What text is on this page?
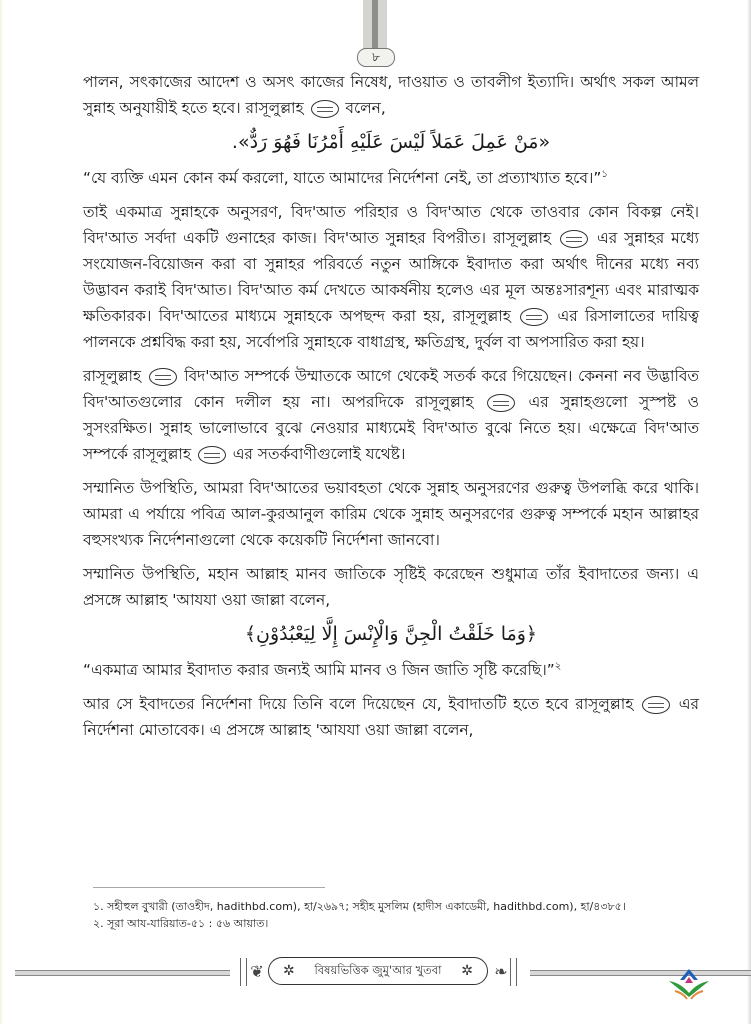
৮

পালন, সৎকাজের আদেশ ও অসৎ কাজের নিষেধ, দাওয়াত ও তাবলীগ ইত্যাদি। অর্থাৎ সকল আমল সুন্নাহ অনুযায়ীই হতে হবে। রাসূলুল্লাহ	বলেন,

«مَنْ عَمِلَ عَمَلاً لَيْسَ عَلَيْهِ أَمْرُنَا فَهُوَ رَدٌّ».

“যে ব্যক্তি এমন কোন কর্ম করলো, যাতে আমাদের নির্দেশনা নেই, তা প্রত্যাখ্যাত হবে।”$^১$

তাই একমাত্র সুন্নাহকে অনুসরণ, বিদ'আত পরিহার ও বিদ'আত থেকে তাওবার কোন বিকল্প নেই। বিদ'আত সর্বদা একটি গুনাহের কাজ। বিদ'আত সুন্নাহর বিপরীত। রাসূলুল্লাহ	এর সুন্নাহর মধ্যে সংযোজন-বিয়োজন করা বা সুন্নাহর পরিবর্তে নতুন আঙ্গিকে ইবাদাত করা অর্থাৎ দীনের মধ্যে নব্য উদ্ভাবন করাই বিদ'আত। বিদ'আত কর্ম দেখতে আকর্ষনীয় হলেও এর মূল অন্তঃসারশূন্য এবং মারাত্মক ক্ষতিকারক। বিদ'আতের মাধ্যমে সুন্নাহকে অপছন্দ করা হয়, রাসূলুল্লাহ	এর রিসালাতের দায়িত্ব পালনকে প্রশ্নবিদ্ধ করা হয়, সর্বোপরি সুন্নাহকে বাধাগ্রস্থ, ক্ষতিগ্রস্থ, দুর্বল বা অপসারিত করা হয়।

রাসূলুল্লাহ	বিদ'আত সম্পর্কে উম্মাতকে আগে থেকেই সতর্ক করে গিয়েছেন। কেননা নব উদ্ভাবিত বিদ'আতগুলোর কোন দলীল হয় না। অপরদিকে রাসূলুল্লাহ	এর সুন্নাহগুলো সুস্পষ্ট ও সুসংরক্ষিত। সুন্নাহ ভালোভাবে বুঝে নেওয়ার মাধ্যমেই বিদ'আত বুঝে নিতে হয়। এক্ষেত্রে বিদ'আত সম্পর্কে রাসূলুল্লাহ	এর সতর্কবাণীগুলোই যথেষ্ট।

সম্মানিত উপস্থিতি, আমরা বিদ'আতের ভয়াবহতা থেকে সুন্নাহ অনুসরণের গুরুত্ব উপলব্ধি করে থাকি। আমরা এ পর্যায়ে পবিত্র আল-কুরআনুল কারিম থেকে সুন্নাহ অনুসরণের গুরুত্ব সম্পর্কে মহান আল্লাহর বহুসংখ্যক নির্দেশনাগুলো থেকে কয়েকটি নির্দেশনা জানবো।

সম্মানিত উপস্থিতি, মহান আল্লাহ মানব জাতিকে সৃষ্টিই করেছেন শুধুমাত্র তাঁর ইবাদাতের জন্য। এ প্রসঙ্গে আল্লাহ 'আযযা ওয়া জাল্লা বলেন,

﴿وَمَا خَلَقْتُ الْجِنَّ وَالْإِنْسَ إِلَّا لِيَعْبُدُوْنِ﴾

“একমাত্র আমার ইবাদাত করার জন্যই আমি মানব ও জিন জাতি সৃষ্টি করেছি।”$^২$

আর সে ইবাদতের নির্দেশনা দিয়ে তিনি বলে দিয়েছেন যে, ইবাদাতটি হতে হবে রাসূলুল্লাহ	এর নির্দেশনা মোতাবেক। এ প্রসঙ্গে আল্লাহ 'আযযা ওয়া জাল্লা বলেন,

১. সহীহুল বুখারী (তাওহীদ, hadithbd.com), হা/২৬৯৭; সহীহ মুসলিম (হাদীস একাডেমী, hadithbd.com), হা/৪৩৮৫।

২. সূরা আয-যারিয়াত-৫১ : ৫৬ আয়াত।

❦ ✲ বিষয়ভিত্তিক জুমু'আর খুতবা ✲ ❧
